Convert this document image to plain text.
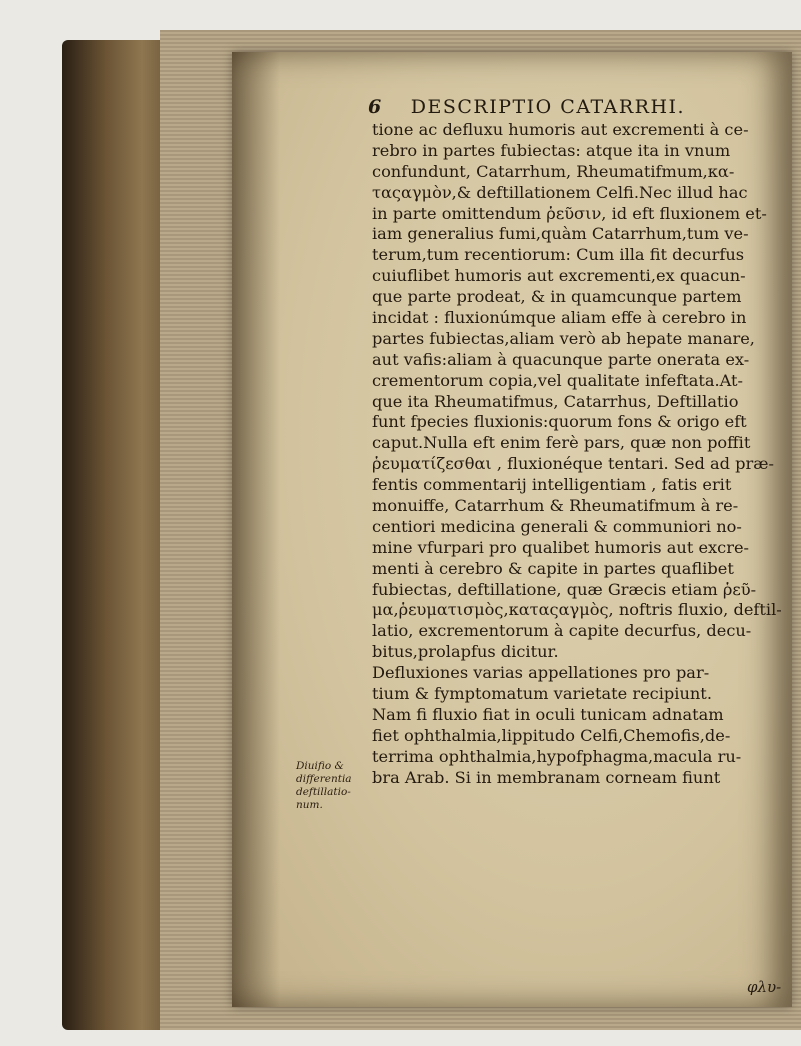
6 DESCRIPTIO CATARRHI.
tione ac defluxu humoris aut excrementi à ce-
rebro in partes fubiectas: atque ita in vnum
confundunt, Catarrhum, Rheumatifmum,κα-
ταςαγμὸν,& deftillationem Celfi.Nec illud hac
in parte omittendum ῥεῦσιν, id eft fluxionem et-
iam generalius fumi,quàm Catarrhum,tum ve-
terum,tum recentiorum: Cum illa fit decurfus
cuiuflibet humoris aut excrementi,ex quacun-
que parte prodeat, & in quamcunque partem
incidat : fluxionúmque aliam effe à cerebro in
partes fubiectas,aliam verò ab hepate manare,
aut vafis:aliam à quacunque parte onerata ex-
crementorum copia,vel qualitate infeftata.At-
que ita Rheumatifmus, Catarrhus, Deftillatio
funt fpecies fluxionis:quorum fons & origo eft
caput.Nulla eft enim ferè pars, quæ non poffit
ῥευματίζεσθαι , fluxionéque tentari. Sed ad præ-
fentis commentarij intelligentiam , fatis erit
monuiffe, Catarrhum & Rheumatifmum à re-
centiori medicina generali & communiori no-
mine vfurpari pro qualibet humoris aut excre-
menti à cerebro & capite in partes quaflibet
fubiectas, deftillatione, quæ Græcis etiam ῥεῦ-
μα,ῥευματισμὸς,καταςαγμὸς, noftris fluxio, deftil-
latio, excrementorum à capite decurfus, decu-
bitus,prolapfus dicitur.
Defluxiones varias appellationes pro par-
tium & fymptomatum varietate recipiunt.
Nam fi fluxio fiat in oculi tunicam adnatam
fiet ophthalmia,lippitudo Celfi,Chemofis,de-
terrima ophthalmia,hypofphagma,macula ru-
bra Arab. Si in membranam corneam fiunt
Diuifio &
differentia
deftillatio-
num.
φλυ-
